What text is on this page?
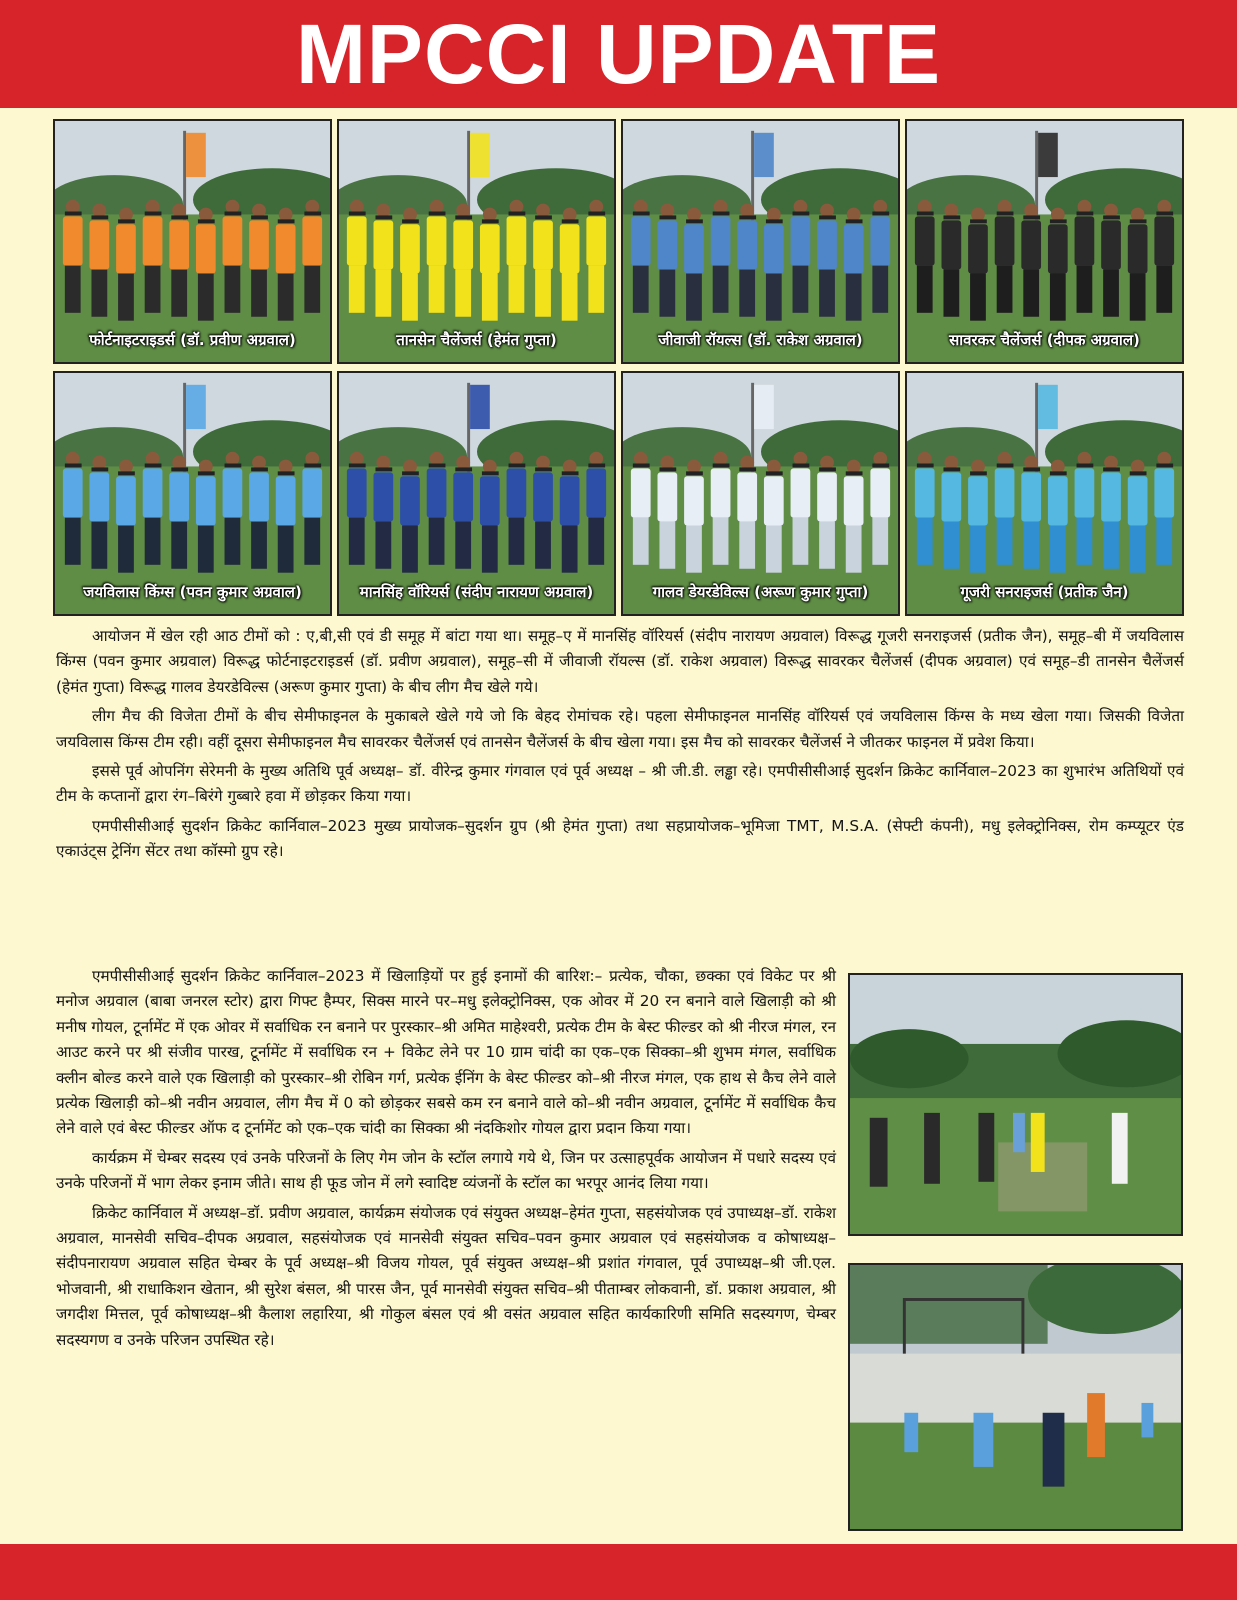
MPCCI UPDATE
फोर्टनाइटराइडर्स (डॉ. प्रवीण अग्रवाल)	तानसेन चैलेंजर्स (हेमंत गुप्ता)	जीवाजी रॉयल्स (डॉ. राकेश अग्रवाल)	सावरकर चैलेंजर्स (दीपक अग्रवाल)
जयविलास किंग्स (पवन कुमार अग्रवाल)	मानसिंह वॉरियर्स (संदीप नारायण अग्रवाल)	गालव डेयरडेविल्स (अरूण कुमार गुप्ता)	गूजरी सनराइजर्स (प्रतीक जैन)

आयोजन में खेल रही आठ टीमों को : ए,बी,सी एवं डी समूह में बांटा गया था। समूह–ए में मानसिंह वॉरियर्स (संदीप नारायण अग्रवाल) विरूद्ध गूजरी सनराइजर्स (प्रतीक जैन), समूह–बी में जयविलास किंग्स (पवन कुमार अग्रवाल) विरूद्ध फोर्टनाइटराइडर्स (डॉ. प्रवीण अग्रवाल), समूह–सी में जीवाजी रॉयल्स (डॉ. राकेश अग्रवाल) विरूद्ध सावरकर चैलेंजर्स (दीपक अग्रवाल) एवं समूह–डी तानसेन चैलेंजर्स (हेमंत गुप्ता) विरूद्ध गालव डेयरडेविल्स (अरूण कुमार गुप्ता) के बीच लीग मैच खेले गये।

लीग मैच की विजेता टीमों के बीच सेमीफाइनल के मुकाबले खेले गये जो कि बेहद रोमांचक रहे। पहला सेमीफाइनल मानसिंह वॉरियर्स एवं जयविलास किंग्स के मध्य खेला गया। जिसकी विजेता जयविलास किंग्स टीम रही। वहीं दूसरा सेमीफाइनल मैच सावरकर चैलेंजर्स एवं तानसेन चैलेंजर्स के बीच खेला गया। इस मैच को सावरकर चैलेंजर्स ने जीतकर फाइनल में प्रवेश किया।

इससे पूर्व ओपनिंग सेरेमनी के मुख्य अतिथि पूर्व अध्यक्ष– डॉ. वीरेन्द्र कुमार गंगवाल एवं पूर्व अध्यक्ष – श्री जी.डी. लड्ढा रहे। एमपीसीसीआई सुदर्शन क्रिकेट कार्निवाल–2023 का शुभारंभ अतिथियों एवं टीम के कप्तानों द्वारा रंग–बिरंगे गुब्बारे हवा में छोड़कर किया गया।

एमपीसीसीआई सुदर्शन क्रिकेट कार्निवाल–2023 मुख्य प्रायोजक–सुदर्शन ग्रुप (श्री हेमंत गुप्ता) तथा सहप्रायोजक–भूमिजा TMT, M.S.A. (सेफ्टी कंपनी), मधु इलेक्ट्रोनिक्स, रोम कम्प्यूटर एंड एकाउंट्स ट्रेनिंग सेंटर तथा कॉस्मो ग्रुप रहे।

एमपीसीसीआई सुदर्शन क्रिकेट कार्निवाल–2023 में खिलाड़ियों पर हुई इनामों की बारिश:– प्रत्येक, चौका, छक्का एवं विकेट पर श्री मनोज अग्रवाल (बाबा जनरल स्टोर) द्वारा गिफ्ट हैम्पर, सिक्स मारने पर–मधु इलेक्ट्रोनिक्स, एक ओवर में 20 रन बनाने वाले खिलाड़ी को श्री मनीष गोयल, टूर्नामेंट में एक ओवर में सर्वाधिक रन बनाने पर पुरस्कार–श्री अमित माहेश्वरी, प्रत्येक टीम के बेस्ट फील्डर को श्री नीरज मंगल, रन आउट करने पर श्री संजीव पारख, टूर्नामेंट में सर्वाधिक रन + विकेट लेने पर 10 ग्राम चांदी का एक–एक सिक्का–श्री शुभम मंगल, सर्वाधिक क्लीन बोल्ड करने वाले एक खिलाड़ी को पुरस्कार–श्री रोबिन गर्ग, प्रत्येक ईनिंग के बेस्ट फील्डर को–श्री नीरज मंगल, एक हाथ से कैच लेने वाले प्रत्येक खिलाड़ी को–श्री नवीन अग्रवाल, लीग मैच में 0 को छोड़कर सबसे कम रन बनाने वाले को–श्री नवीन अग्रवाल, टूर्नामेंट में सर्वाधिक कैच लेने वाले एवं बेस्ट फील्डर ऑफ द टूर्नामेंट को एक–एक चांदी का सिक्का श्री नंदकिशोर गोयल द्वारा प्रदान किया गया।

कार्यक्रम में चेम्बर सदस्य एवं उनके परिजनों के लिए गेम जोन के स्टॉल लगाये गये थे, जिन पर उत्साहपूर्वक आयोजन में पधारे सदस्य एवं उनके परिजनों में भाग लेकर इनाम जीते। साथ ही फूड जोन में लगे स्वादिष्ट व्यंजनों के स्टॉल का भरपूर आनंद लिया गया।

क्रिकेट कार्निवाल में अध्यक्ष–डॉ. प्रवीण अग्रवाल, कार्यक्रम संयोजक एवं संयुक्त अध्यक्ष–हेमंत गुप्ता, सहसंयोजक एवं उपाध्यक्ष–डॉ. राकेश अग्रवाल, मानसेवी सचिव–दीपक अग्रवाल, सहसंयोजक एवं मानसेवी संयुक्त सचिव–पवन कुमार अग्रवाल एवं सहसंयोजक व कोषाध्यक्ष–संदीपनारायण अग्रवाल सहित चेम्बर के पूर्व अध्यक्ष–श्री विजय गोयल, पूर्व संयुक्त अध्यक्ष–श्री प्रशांत गंगवाल, पूर्व उपाध्यक्ष–श्री जी.एल. भोजवानी, श्री राधाकिशन खेतान, श्री सुरेश बंसल, श्री पारस जैन, पूर्व मानसेवी संयुक्त सचिव–श्री पीताम्बर लोकवानी, डॉ. प्रकाश अग्रवाल, श्री जगदीश मित्तल, पूर्व कोषाध्यक्ष–श्री कैलाश लहारिया, श्री गोकुल बंसल एवं श्री वसंत अग्रवाल सहित कार्यकारिणी समिति सदस्यगण, चेम्बर सदस्यगण व उनके परिजन उपस्थित रहे।
